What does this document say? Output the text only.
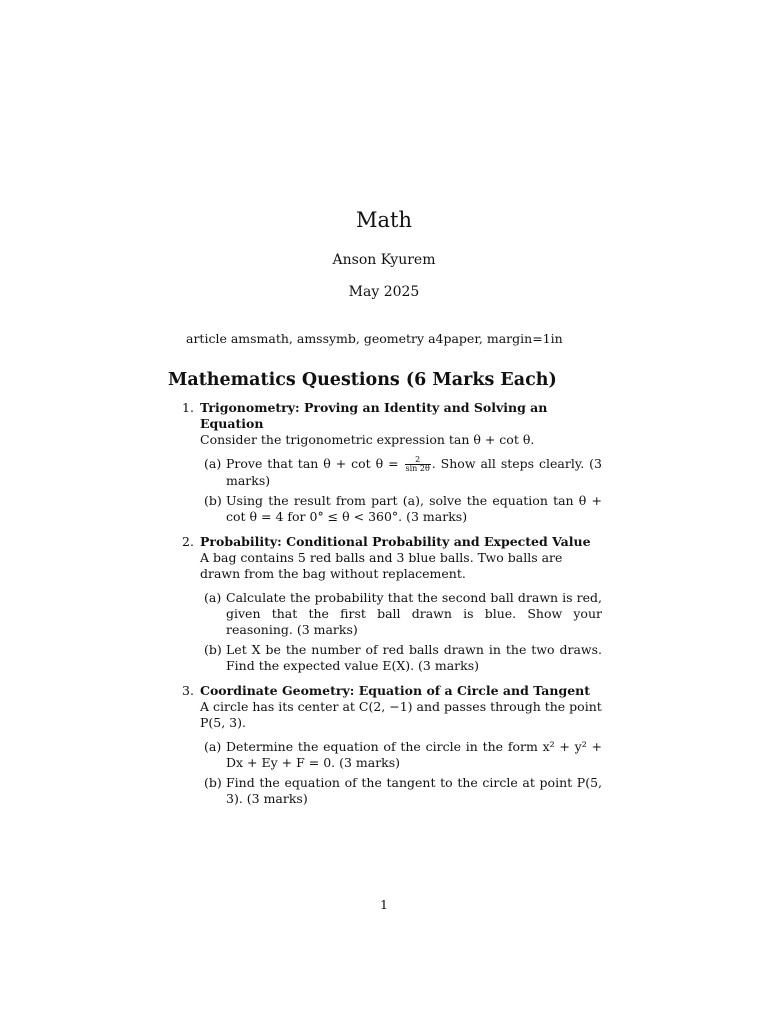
Math
Anson Kyurem
May 2025
article amsmath, amssymb, geometry a4paper, margin=1in
Mathematics Questions (6 Marks Each)
1. Trigonometry: Proving an Identity and Solving an Equation
Consider the trigonometric expression tan θ + cot θ.
(a) Prove that $\tan \theta + \cot \theta = \frac{2}{\sin 2\theta}$ . Show all steps clearly. (3 marks)
(b) Using the result from part (a), solve the equation tan θ + cot θ = 4 for 0° ≤ θ < 360°. (3 marks)
2. Probability: Conditional Probability and Expected Value
A bag contains 5 red balls and 3 blue balls. Two balls are drawn from the bag without replacement.
(a) Calculate the probability that the second ball drawn is red, given that the first ball drawn is blue. Show your reasoning. (3 marks)
(b) Let X be the number of red balls drawn in the two draws. Find the expected value E(X). (3 marks)
3. Coordinate Geometry: Equation of a Circle and Tangent
A circle has its center at C(2, −1) and passes through the point P(5, 3).
(a) Determine the equation of the circle in the form x² + y² + Dx + Ey + F = 0. (3 marks)
(b) Find the equation of the tangent to the circle at point P(5, 3). (3 marks)
1
